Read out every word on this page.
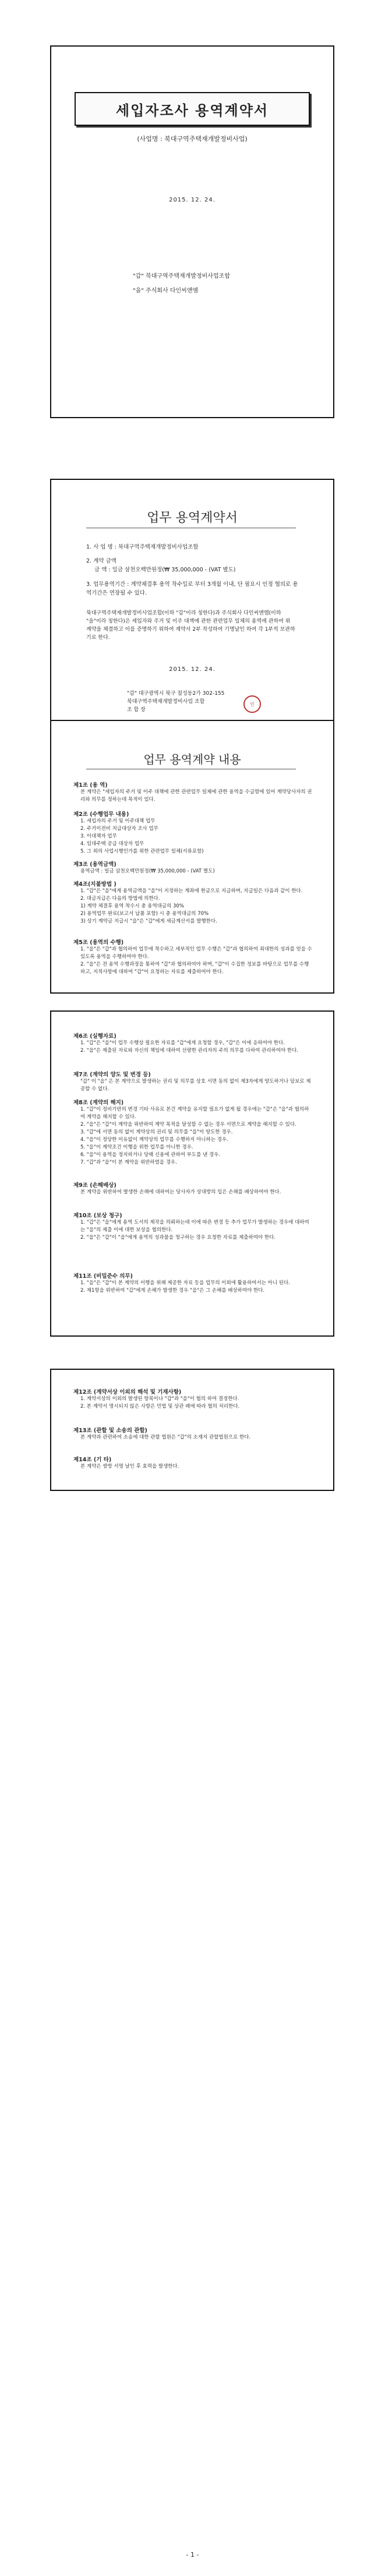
세입자조사 용역계약서
(사업명 : 북대구역주택재개발정비사업)
2015. 12. 24.
"갑" 북대구역주택재개발정비사업조합
"을" 주식회사 다인씨앤엠
업무 용역계약서
1. 사 업 명 : 북대구역주택재개발정비사업조합
2. 계약 금액
금 액 : 일금 삼천오백만원정(₩ 35,000,000 - (VAT 별도)
3. 업무용역기간 : 계약체결후 용역 착수일로 부터 3개월 이내, 단 필요시 인정 협의로 용역기간은 연장될 수 있다.
북대구역주택재개발정비사업조합(이하 "갑"이라 칭한다)과 주식회사 다인씨앤엠(이하 "을"이라 칭한다)은 세입자와 주거 및 이주 대책에 관한 관련업무 일체의 용역에 관하여 위 계약을 체결하고 이를 증명하기 위하여 계약서 2부 작성하여 기명날인 하여 각 1부씩 보관하기로 한다.
2015. 12. 24.
"갑" 대구광역시 북구 칠성동2가 302-155
북대구역주택재개발정비사업 조합
조 합 장
인
업무 용역계약 내용
제1조 (용 역)
본 계약은 "세입자의 주거 및 이주 대책에 관한 관련업무 일체에 관한 용역을 수급함에 있어 계약당사자의 권리와 의무를 정하는데 목적이 있다.
제2조 (수행업무 내용)
1. 세입자의 주거 및 이주대책 업무
2. 주거이전비 지급대상자 조사 업무
3. 이대책자 업무
4. 임대주택 공급 대상자 업무
5. 그 외의 사업시행인가를 위한 관련업무 일체(서류포함)
제3조 (용역금액)
용역금액 : 일금 삼천오백만원정(₩ 35,000,000 - (VAT 별도)
제4조(지불방법 )
1. "갑"은 "을"에게 용역금액을 "을"이 지정하는 계좌에 현금으로 지급하며, 지급일은 다음과 같이 한다.
2. 대금지급은 다음의 방법에 의한다.
1) 계약 체결후 용역 착수시 총 용역대금의 30%
2) 용역업무 완료(보고서 납품 포함) 시 총 용역대금의 70%
3) 상기 계약금 지급시 "을"은 "갑"에게 세금계산서를 발행한다.
제5조 (용역의 수행)
1. "을"은 "갑"과 협의하여 업무에 착수하고 세부적인 업무 수행은 "갑"과 협의하여 최대한의 성과를 얻을 수 있도록 용역을 수행하여야 한다.
2. "을"은 전 용역 수행과정을 통하여 "갑"과 협의하여야 하며, "갑"이 수집한 정보를 바탕으로 업무를 수행하고, 지적사항에 대하여 "갑"이 요청하는 자료를 제출하여야 한다.
제6조 (실행자료)
1. "갑"은 "을"이 업무 수행상 필요한 자료를 "갑"에게 요청할 경우, "갑"은 이에 응하여야 한다.
2. "을"은 제출된 자료와 자신의 책임에 대하여 선량한 관리자의 주의 의무를 다하여 관리하여야 한다.
제7조 (계약의 양도 및 변경 등)
"갑" 이 "을" 은 본 계약으로 발생하는 권리 및 의무를 상호 서면 동의 없이 제3자에게 양도하거나 담보로 제공할 수 없다.
제8조 (계약의 해지)
1. "갑"이 정비기반의 변경 기타 사유로 본건 계약을 유지할 필요가 없게 될 경우에는 "갑"은 "을"과 협의하여 계약을 해지할 수 있다.
2. "을"은 "갑"이 계약을 위반하여 계약 목적을 달성할 수 없는 경우 서면으로 계약을 해지할 수 있다.
3. "갑"에 서면 동의 없이 계약상의 권리 및 의무를 "을"이 양도한 경우.
4. "을"이 정당한 이유없이 계약상의 업무를 수행하지 아니하는 경우.
5. "을"이 계약조건 이행을 위한 업무를 아니한 경우.
6. "을"이 용역을 정지하거나 당해 신용에 관하여 부도를 낸 경우.
7. "갑"과 "을"이 본 계약을 위반하였을 경우.
제9조 (손해배상)
본 계약을 위반하여 발생한 손해에 대하여는 당사자가 상대방의 입은 손해를 배상하여야 한다.
제10조 (보상 청구)
1. "갑"은 "을"에게 용역 도서의 제작을 의뢰하는데 이에 따른 변경 등 추가 업무가 발생하는 경우에 대하여는 "을"의 제출 이에 대한 보상을 협의한다.
2. "을"은 "갑"이 "을"에게 용역의 성과물을 청구하는 경우 요청한 자료를 제출하여야 한다.
제11조 (비밀준수 의무)
1. "을"은 "갑"이 본 계약의 이행을 위해 제공한 자료 등을 업무의 이외에 활용하여서는 아니 된다.
2. 제1항을 위반하여 "갑"에게 손해가 발생한 경우 "을"은 그 손해를 배상하여야 한다.
제12조 (계약서상 이외의 해석 및 기재사항)
1. 계약서상의 이외의 발생된 항목이나 "갑"과 "을"이 협의 하여 결정한다.
2. 본 계약서 명시되지 않은 사항은 민법 및 상관 례에 따라 협의 처리한다.
제13조 (관할 및 소송의 관할)
본 계약과 관련하여 소송에 대한 관할 법원은 "갑"의 소재지 관할법원으로 한다.
제14조 (기 타)
본 계약은 쌍방 서명 날인 후 효력을 발생한다.
- 1 -
